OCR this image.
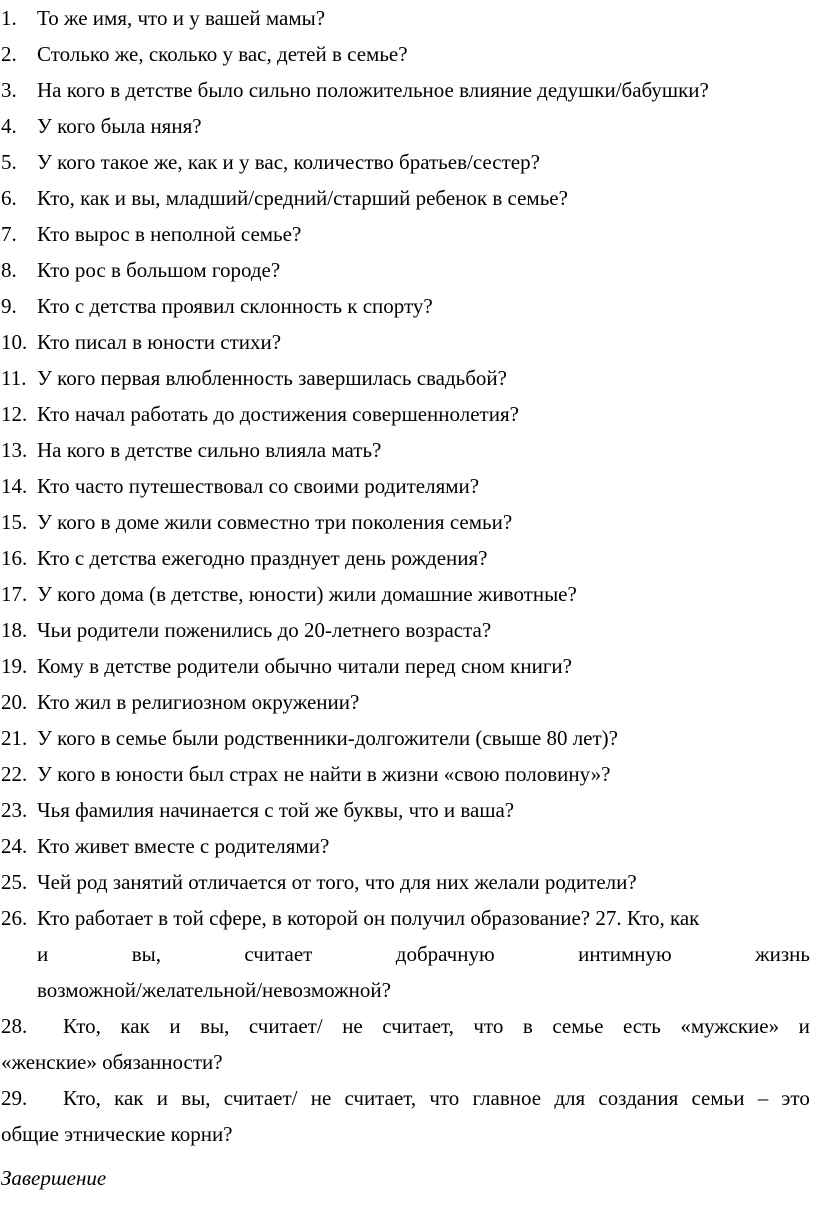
1. То же имя, что и у вашей мамы?
2. Столько же, сколько у вас, детей в семье?
3. На кого в детстве было сильно положительное влияние дедушки/бабушки?
4. У кого была няня?
5. У кого такое же, как и у вас, количество братьев/сестер?
6. Кто, как и вы, младший/средний/старший ребенок в семье?
7. Кто вырос в неполной семье?
8. Кто рос в большом городе?
9. Кто с детства проявил склонность к спорту?
10. Кто писал в юности стихи?
11. У кого первая влюбленность завершилась свадьбой?
12. Кто начал работать до достижения совершеннолетия?
13. На кого в детстве сильно влияла мать?
14. Кто часто путешествовал со своими родителями?
15. У кого в доме жили совместно три поколения семьи?
16. Кто с детства ежегодно празднует день рождения?
17. У кого дома (в детстве, юности) жили домашние животные?
18. Чьи родители поженились до 20-летнего возраста?
19. Кому в детстве родители обычно читали перед сном книги?
20. Кто жил в религиозном окружении?
21. У кого в семье были родственники-долгожители (свыше 80 лет)?
22. У кого в юности был страх не найти в жизни «свою половину»?
23. Чья фамилия начинается с той же буквы, что и ваша?
24. Кто живет вместе с родителями?
25. Чей род занятий отличается от того, что для них желали родители?
26. Кто работает в той сфере, в которой он получил образование? 27. Кто, как
и	вы,	считает	добрачную	интимную	жизнь
возможной/желательной/невозможной?
28.	Кто, как и вы, считает/ не считает, что в семье есть «мужские» и
«женские» обязанности?
29.	Кто, как и вы, считает/ не считает, что главное для создания семьи – это
общие этнические корни?
Завершение
